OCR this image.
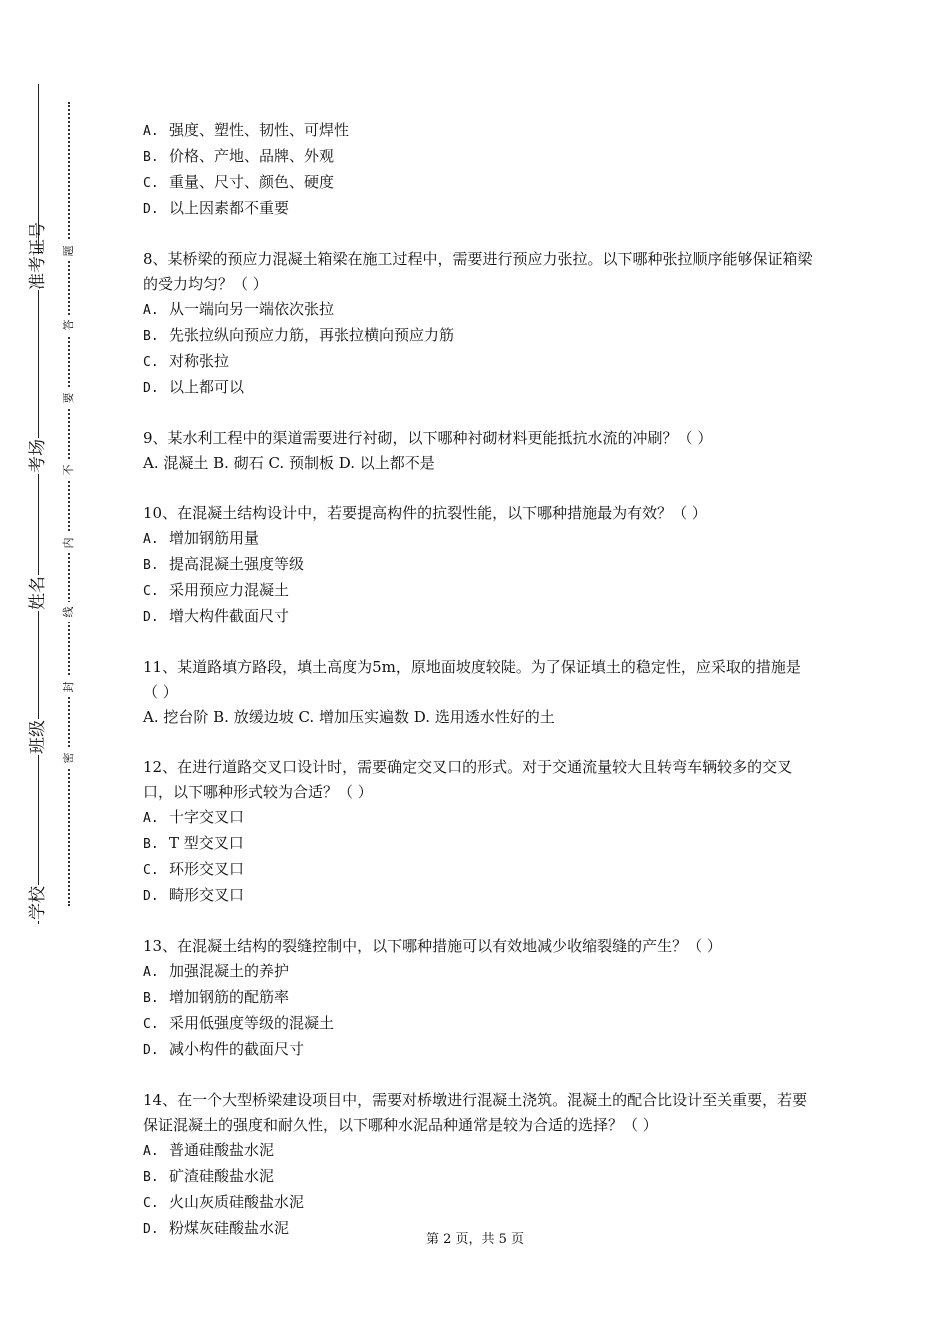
准考证号
考场
姓名
班级
学校
题
答
要
不
内
线
封
密
A. 强度、塑性、韧性、可焊性
B. 价格、产地、品牌、外观
C. 重量、尺寸、颜色、硬度
D. 以上因素都不重要
8、某桥梁的预应力混凝土箱梁在施工过程中，需要进行预应力张拉。以下哪种张拉顺序能够保证箱梁的受力均匀？（ ）
A. 从一端向另一端依次张拉
B. 先张拉纵向预应力筋，再张拉横向预应力筋
C. 对称张拉
D. 以上都可以
9、某水利工程中的渠道需要进行衬砌，以下哪种衬砌材料更能抵抗水流的冲刷？（ ）
A. 混凝土 B. 砌石 C. 预制板 D. 以上都不是
10、在混凝土结构设计中，若要提高构件的抗裂性能，以下哪种措施最为有效？（ ）
A. 增加钢筋用量
B. 提高混凝土强度等级
C. 采用预应力混凝土
D. 增大构件截面尺寸
11、某道路填方路段，填土高度为5m，原地面坡度较陡。为了保证填土的稳定性，应采取的措施是（ ）
A. 挖台阶 B. 放缓边坡 C. 增加压实遍数 D. 选用透水性好的土
12、在进行道路交叉口设计时，需要确定交叉口的形式。对于交通流量较大且转弯车辆较多的交叉口，以下哪种形式较为合适？（ ）
A. 十字交叉口
B. T 型交叉口
C. 环形交叉口
D. 畸形交叉口
13、在混凝土结构的裂缝控制中，以下哪种措施可以有效地减少收缩裂缝的产生？（ ）
A. 加强混凝土的养护
B. 增加钢筋的配筋率
C. 采用低强度等级的混凝土
D. 减小构件的截面尺寸
14、在一个大型桥梁建设项目中，需要对桥墩进行混凝土浇筑。混凝土的配合比设计至关重要，若要保证混凝土的强度和耐久性，以下哪种水泥品种通常是较为合适的选择？（ ）
A. 普通硅酸盐水泥
B. 矿渣硅酸盐水泥
C. 火山灰质硅酸盐水泥
D. 粉煤灰硅酸盐水泥
第 2 页，共 5 页
